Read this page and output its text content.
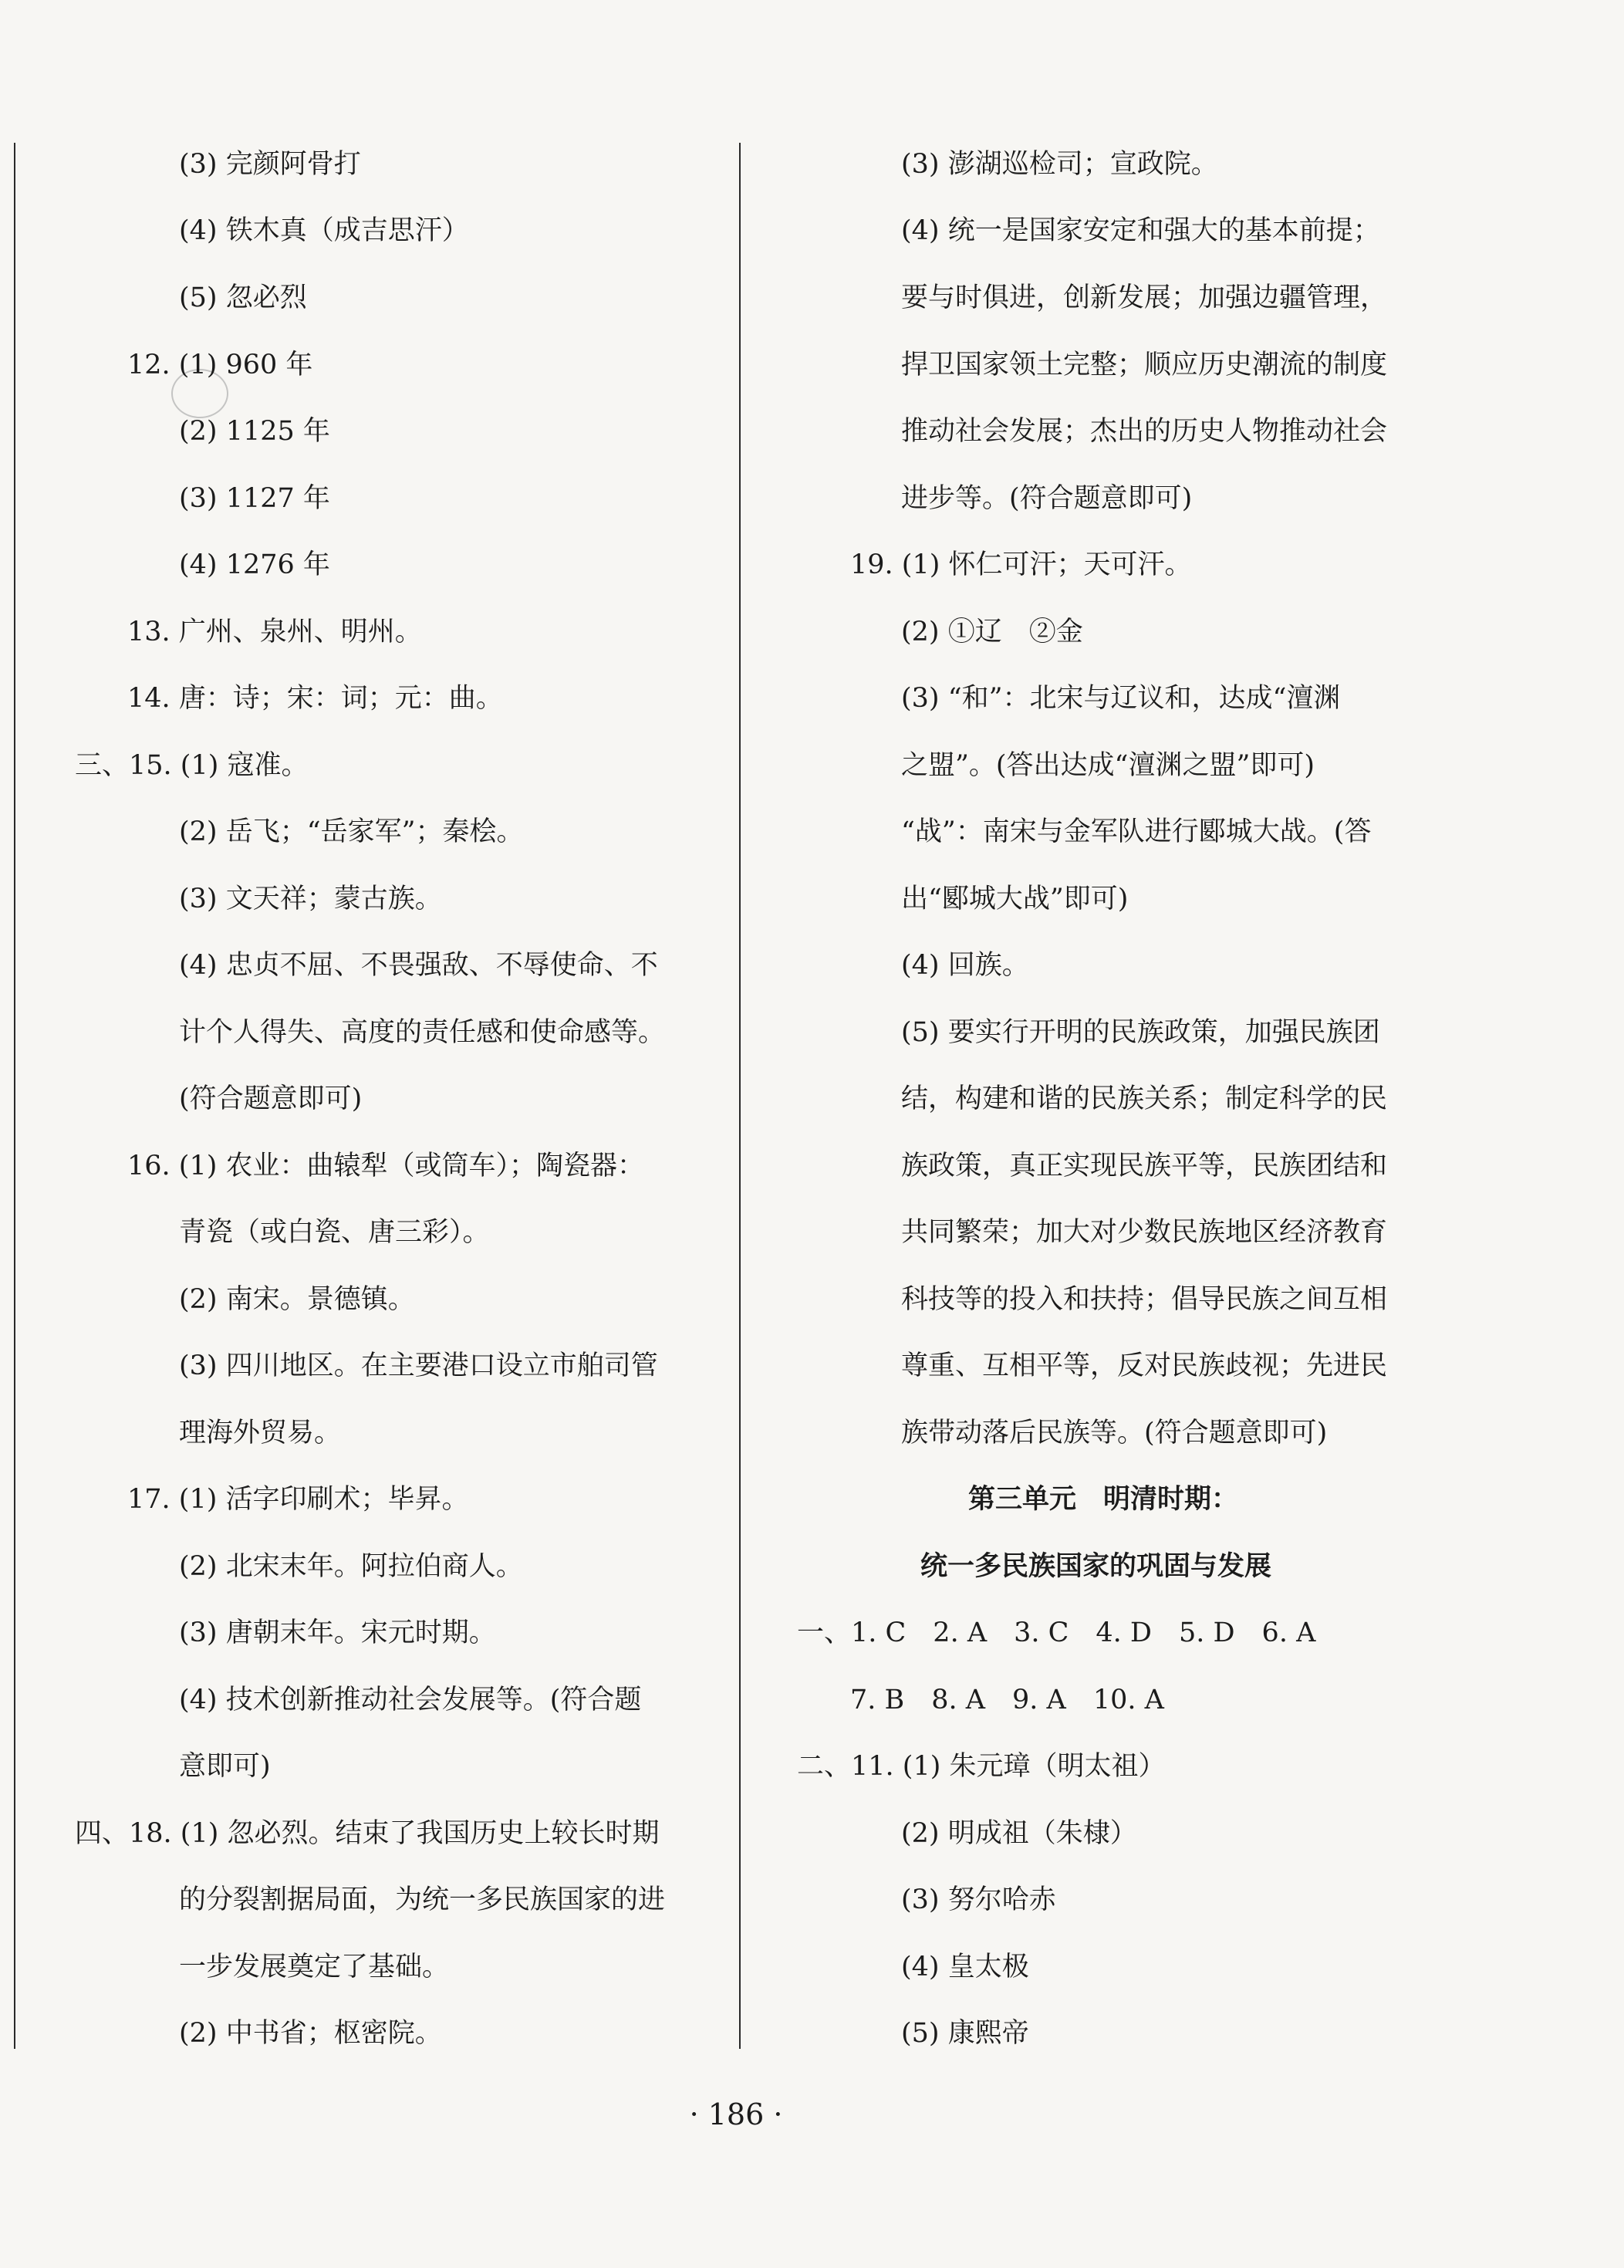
(3) 完颜阿骨打
(4) 铁木真（成吉思汗）
(5) 忽必烈
12. (1) 960 年
(2) 1125 年
(3) 1127 年
(4) 1276 年
13. 广州、泉州、明州。
14. 唐：诗；宋：词；元：曲。
三、15. (1) 寇准。
(2) 岳飞；“岳家军”；秦桧。
(3) 文天祥；蒙古族。
(4) 忠贞不屈、不畏强敌、不辱使命、不
计个人得失、高度的责任感和使命感等。
(符合题意即可)
16. (1) 农业：曲辕犁（或筒车）；陶瓷器：
青瓷（或白瓷、唐三彩）。
(2) 南宋。景德镇。
(3) 四川地区。在主要港口设立市舶司管
理海外贸易。
17. (1) 活字印刷术；毕昇。
(2) 北宋末年。阿拉伯商人。
(3) 唐朝末年。宋元时期。
(4) 技术创新推动社会发展等。(符合题
意即可)
四、18. (1) 忽必烈。结束了我国历史上较长时期
的分裂割据局面，为统一多民族国家的进
一步发展奠定了基础。
(2) 中书省；枢密院。
(3) 澎湖巡检司；宣政院。
(4) 统一是国家安定和强大的基本前提；
要与时俱进，创新发展；加强边疆管理，
捍卫国家领土完整；顺应历史潮流的制度
推动社会发展；杰出的历史人物推动社会
进步等。(符合题意即可)
19. (1) 怀仁可汗；天可汗。
(2) ①辽　②金
(3) “和”：北宋与辽议和，达成“澶渊
之盟”。(答出达成“澶渊之盟”即可)
“战”：南宋与金军队进行郾城大战。(答
出“郾城大战”即可)
(4) 回族。
(5) 要实行开明的民族政策，加强民族团
结，构建和谐的民族关系；制定科学的民
族政策，真正实现民族平等，民族团结和
共同繁荣；加大对少数民族地区经济教育
科技等的投入和扶持；倡导民族之间互相
尊重、互相平等，反对民族歧视；先进民
族带动落后民族等。(符合题意即可)
第三单元　明清时期：
统一多民族国家的巩固与发展
一、1. C　2. A　3. C　4. D　5. D　6. A
7. B　8. A　9. A　10. A
二、11. (1) 朱元璋（明太祖）
(2) 明成祖（朱棣）
(3) 努尔哈赤
(4) 皇太极
(5) 康熙帝
· 186 ·
